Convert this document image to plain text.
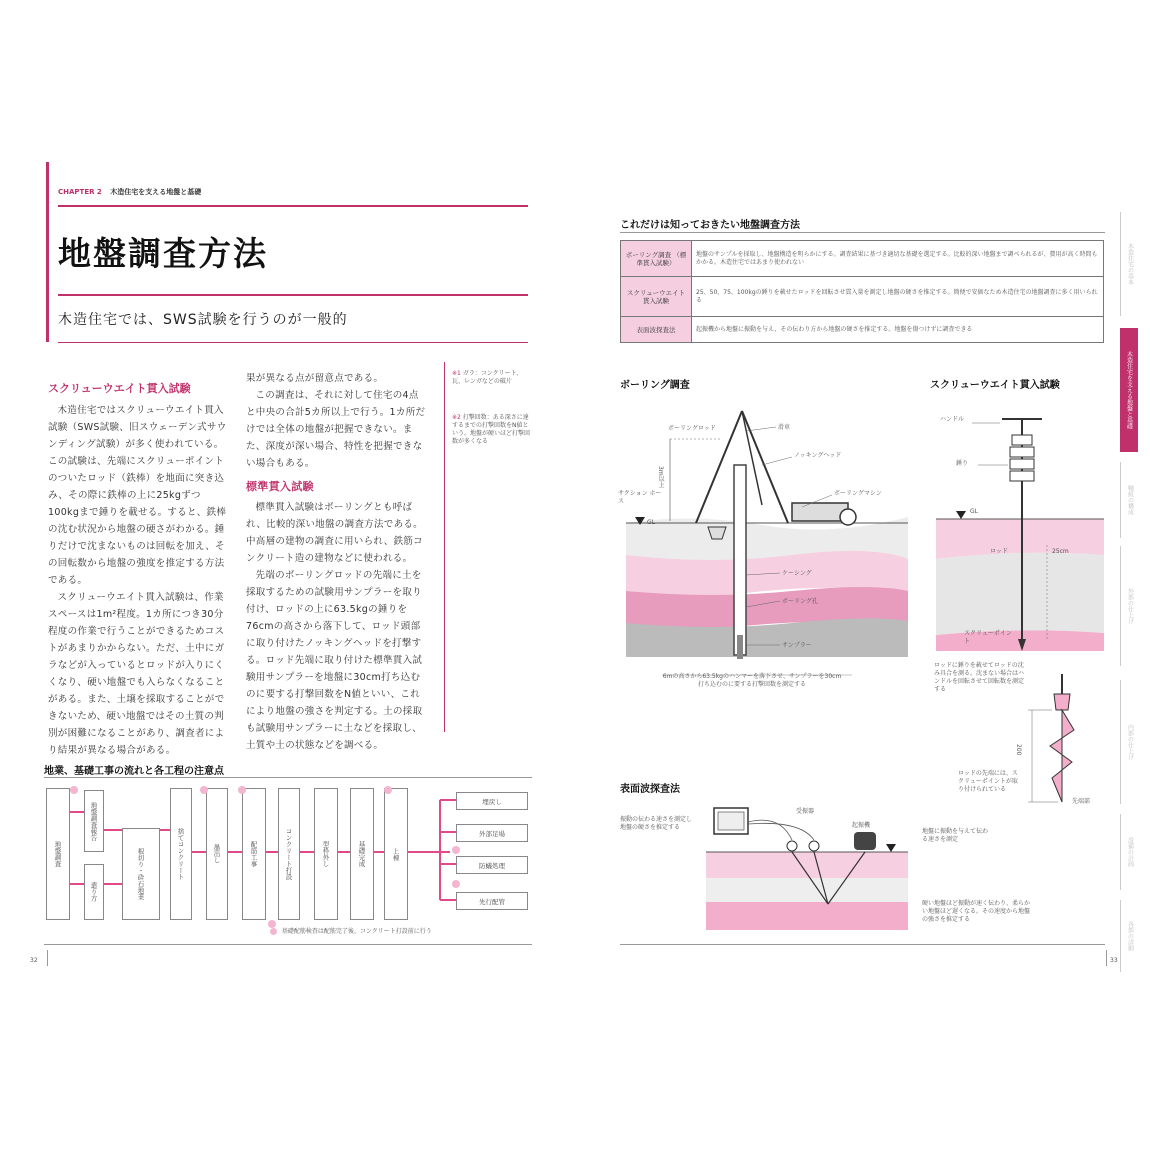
CHAPTER 2 木造住宅を支える地盤と基礎
地盤調査方法
木造住宅では、SWS試験を行うのが一般的
スクリューウエイト貫入試験
木造住宅ではスクリューウエイト貫入試験（SWS試験、旧スウェーデン式サウンディング試験）が多く使われている。この試験は、先端にスクリューポイントのついたロッド（鉄棒）を地面に突き込み、その際に鉄棒の上に25kgずつ100kgまで錘りを載せる。すると、鉄棒の沈む状況から地盤の硬さがわかる。錘りだけで沈まないものは回転を加え、その回転数から地盤の強度を推定する方法である。
スクリューウエイト貫入試験は、作業スペースは1m²程度。1カ所につき30分程度の作業で行うことができるためコストがあまりかからない。ただ、土中にガラなどが入っているとロッドが入りにくくなり、硬い地盤でも入らなくなることがある。また、土壌を採取することができないため、硬い地盤ではその土質の判別が困難になることがあり、調査者により結果が異なる場合がある。
果が異なる点が留意点である。
この調査は、それに対して住宅の4点と中央の合計5カ所以上で行う。1カ所だけでは全体の地盤が把握できない。また、深度が深い場合、特性を把握できない場合もある。
標準貫入試験
標準貫入試験はボーリングとも呼ばれ、比較的深い地盤の調査方法である。中高層の建物の調査に用いられ、鉄筋コンクリート造の建物などに使われる。
先端のボーリングロッドの先端に土を採取するための試験用サンプラーを取り付け、ロッドの上に63.5kgの錘りを76cmの高さから落下して、ロッド頭部に取り付けたノッキングヘッドを打撃する。ロッド先端に取り付けた標準貫入試験用サンプラーを地盤に30cm打ち込むのに要する打撃回数をN値といい、これにより地盤の強さを判定する。土の採取も試験用サンプラーに土などを採取し、土質や土の状態などを調べる。
※1 ガラ：コンクリート、瓦、レンガなどの破片
※2 打撃回数：ある深さに達するまでの打撃回数をN値という。地盤が硬いほど打撃回数が多くなる
地業、基礎工事の流れと各工程の注意点
地盤調査
地盤調査報告
遣り方	根切り・砕石地業	捨てコンクリート	墨出し	配筋工事	コンクリート打設	型枠外し	基礎完成	上棟
埋戻し
外部足場
防蟻処理
先行配管
基礎配筋検査は配筋完了後、コンクリート打設前に行う
32
これだけは知っておきたい地盤調査方法
ボーリング調査 （標準貫入試験）	地盤のサンプルを採取し、地盤構造を明らかにする。調査結果に基づき適切な基礎を選定する。比較的深い地盤まで調べられるが、費用が高く時間もかかる。木造住宅ではあまり使われない
スクリューウエイト貫入試験	25、50、75、100kgの錘りを載せたロッドを回転させ貫入量を測定し地盤の硬さを推定する。簡便で安価なため木造住宅の地盤調査に多く用いられる
表面波探査法	起振機から地盤に振動を与え、その伝わり方から地盤の硬さを推定する。地盤を傷つけずに調査できる
ボーリング調査	スクリューウエイト貫入試験
3m以上
サクション ホース
GL
ボーリングロッド	滑車
ノッキングヘッド
ボーリングマシン
ケーシング
ボーリング孔
サンプラー
6mの高さから63.5kgのハンマーを落下させ、サンプラーを30cm打ち込むのに要する打撃回数を測定する
ハンドル
錘り
GL
ロッド
スクリューポイント
25cm
ロッドに錘りを載せてロッドの沈み具合を測る。沈まない場合はハンドルを回転させて回転数を測定する
200
先端部
ロッドの先端には、スクリューポイントが取り付けられている
表面波探査法
受振器
起振機
振動の伝わる速さを測定し地盤の硬さを推定する
地盤に振動を与えて伝わる速さを測定
硬い地盤ほど振動が速く伝わり、柔らかい地盤ほど遅くなる。その速度から地盤の強さを推定する
33
木造住宅の基本
木造住宅を支える地盤と基礎
軸組の構成
外部の仕上げ
内部の仕上げ
設備の計画
各部の詳細
